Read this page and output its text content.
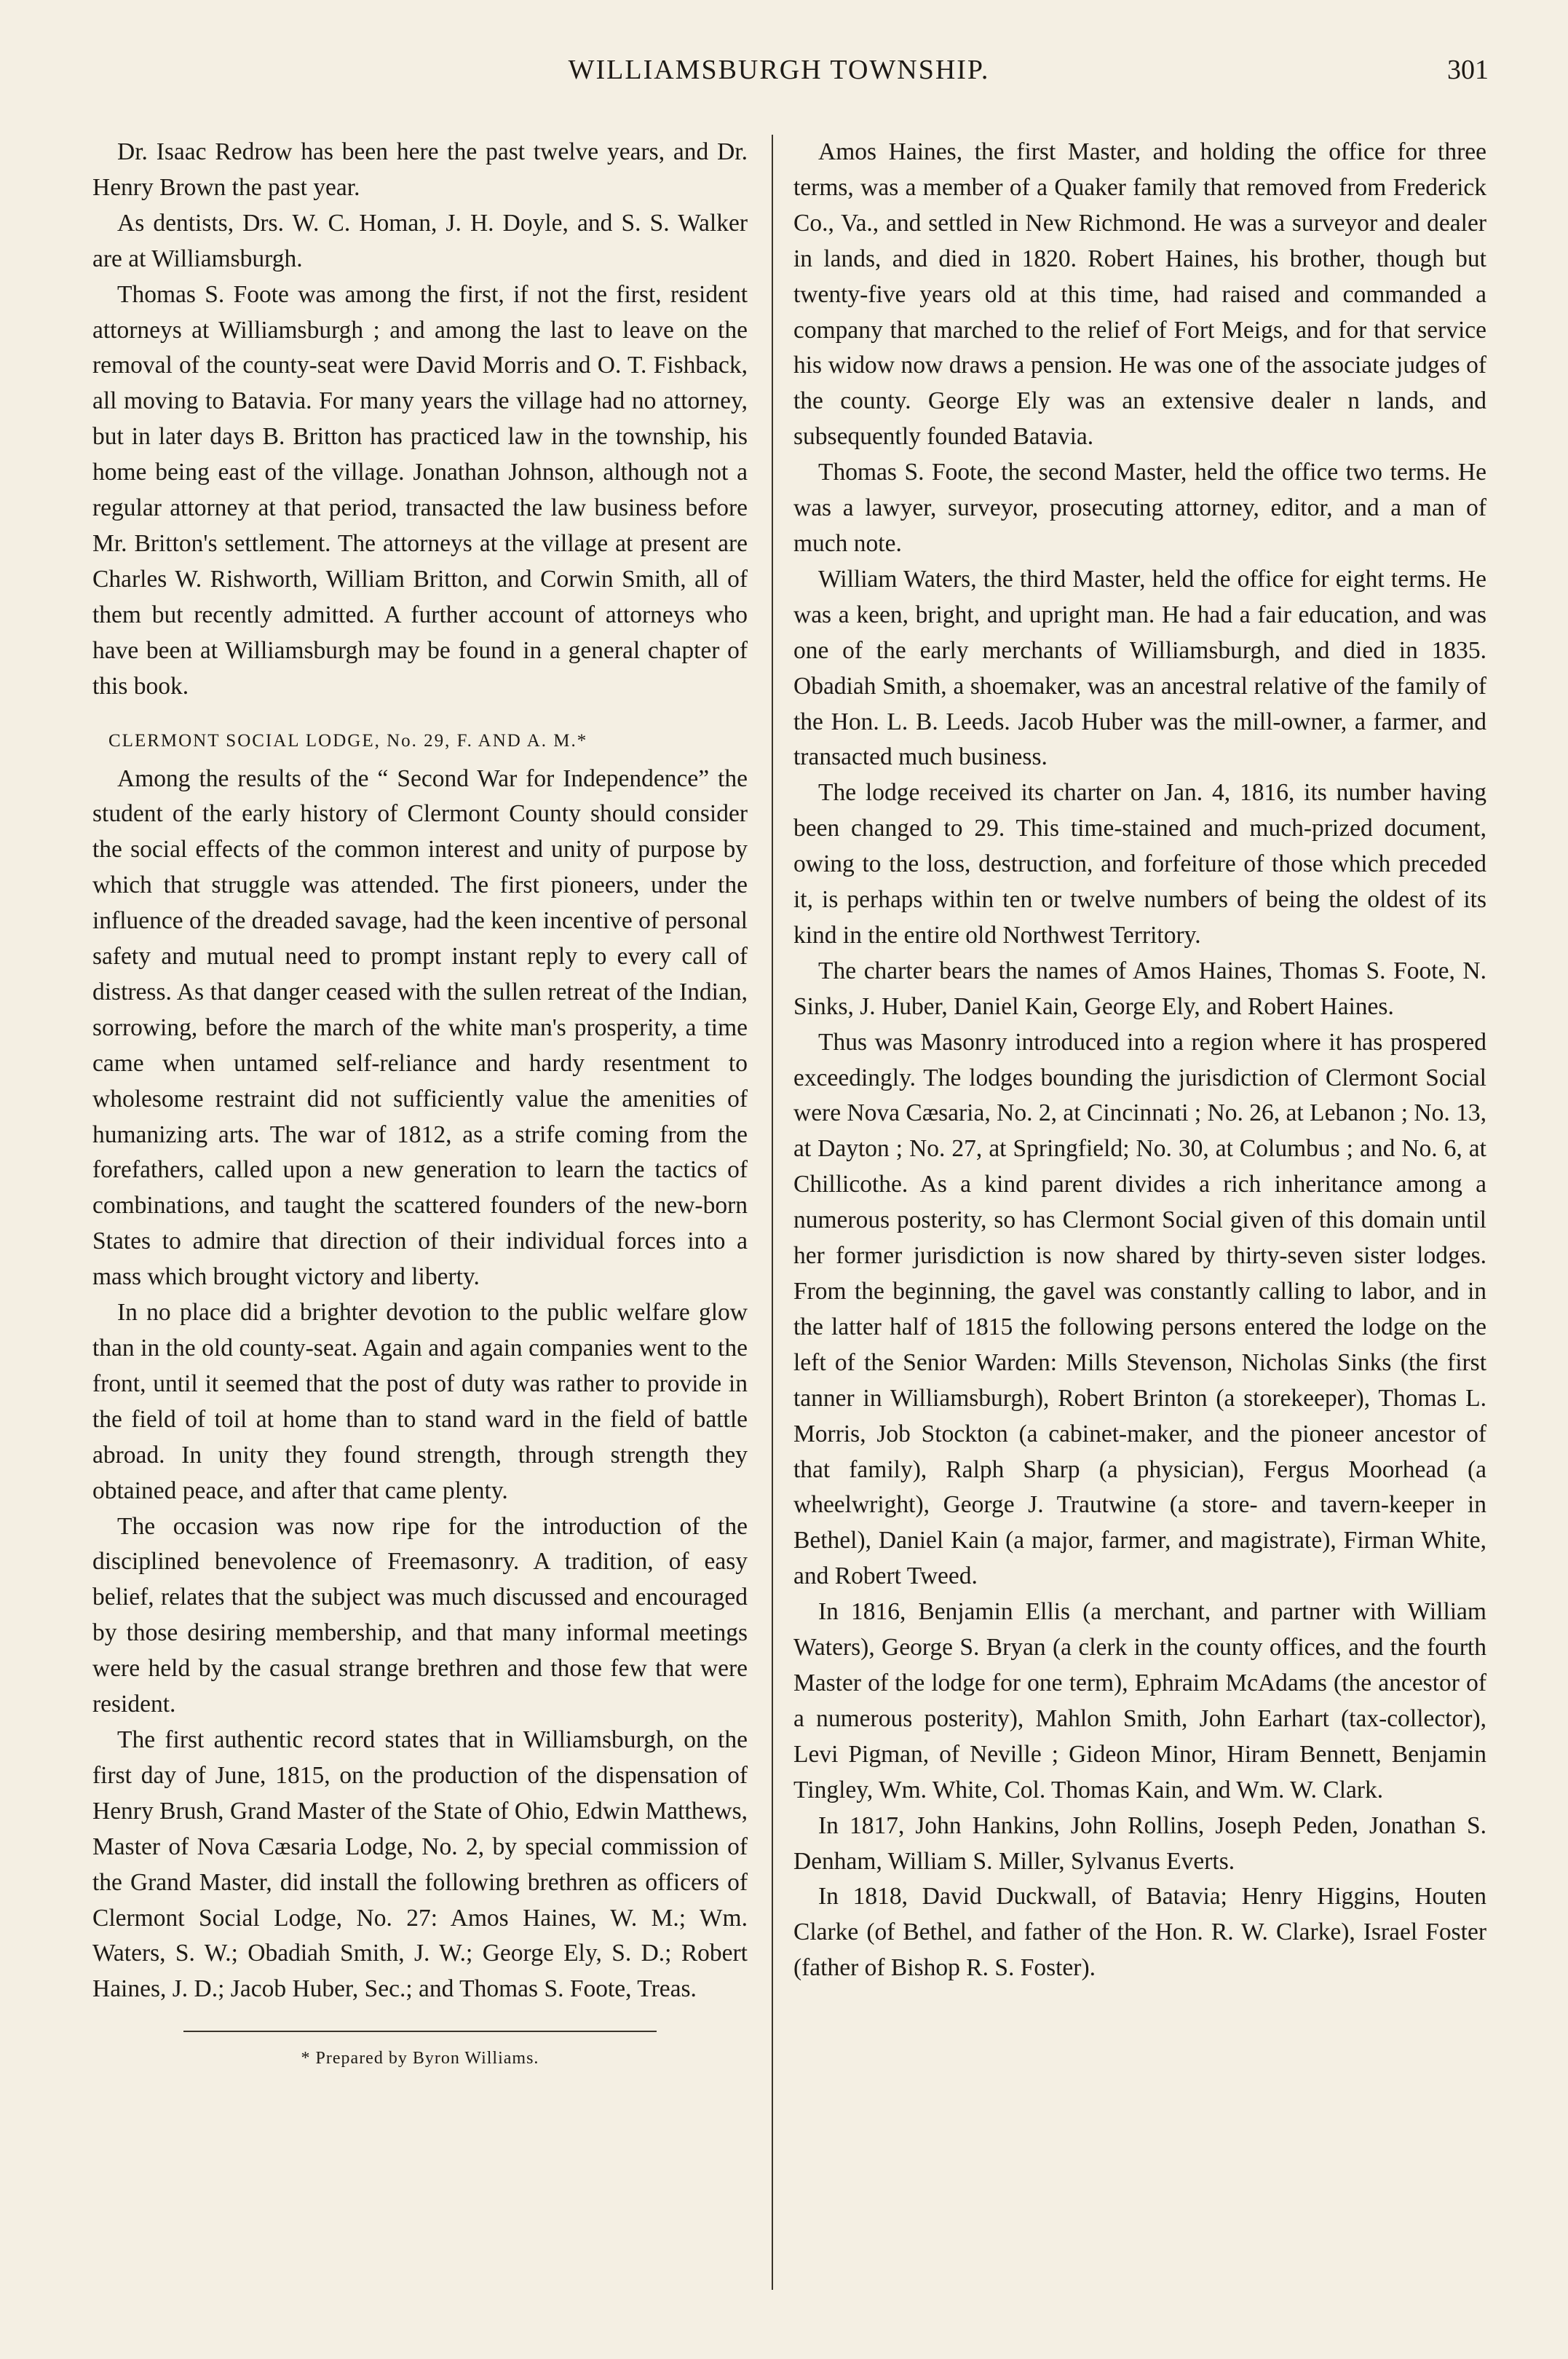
WILLIAMSBURGH TOWNSHIP.	301

Dr. Isaac Redrow has been here the past twelve years, and Dr. Henry Brown the past year.

As dentists, Drs. W. C. Homan, J. H. Doyle, and S. S. Walker are at Williamsburgh.

Thomas S. Foote was among the first, if not the first, resident attorneys at Williamsburgh ; and among the last to leave on the removal of the county-seat were David Morris and O. T. Fishback, all moving to Batavia. For many years the village had no attorney, but in later days B. Britton has practiced law in the township, his home being east of the village. Jonathan Johnson, although not a regular attorney at that period, transacted the law business before Mr. Britton's settlement. The attorneys at the village at present are Charles W. Rishworth, William Britton, and Corwin Smith, all of them but recently admitted. A further account of attorneys who have been at Williamsburgh may be found in a general chapter of this book.

CLERMONT SOCIAL LODGE, No. 29, F. AND A. M.*

Among the results of the “ Second War for Independence” the student of the early history of Clermont County should consider the social effects of the common interest and unity of purpose by which that struggle was attended. The first pioneers, under the influence of the dreaded savage, had the keen incentive of personal safety and mutual need to prompt instant reply to every call of distress. As that danger ceased with the sullen retreat of the Indian, sorrowing, before the march of the white man's prosperity, a time came when untamed self-reliance and hardy resentment to wholesome restraint did not sufficiently value the amenities of humanizing arts. The war of 1812, as a strife coming from the forefathers, called upon a new generation to learn the tactics of combinations, and taught the scattered founders of the new-born States to admire that direction of their individual forces into a mass which brought victory and liberty.

In no place did a brighter devotion to the public welfare glow than in the old county-seat. Again and again companies went to the front, until it seemed that the post of duty was rather to provide in the field of toil at home than to stand ward in the field of battle abroad. In unity they found strength, through strength they obtained peace, and after that came plenty.

The occasion was now ripe for the introduction of the disciplined benevolence of Freemasonry. A tradition, of easy belief, relates that the subject was much discussed and encouraged by those desiring membership, and that many informal meetings were held by the casual strange brethren and those few that were resident.

The first authentic record states that in Williamsburgh, on the first day of June, 1815, on the production of the dispensation of Henry Brush, Grand Master of the State of Ohio, Edwin Matthews, Master of Nova Cæsaria Lodge, No. 2, by special commission of the Grand Master, did install the following brethren as officers of Clermont Social Lodge, No. 27: Amos Haines, W. M.; Wm. Waters, S. W.; Obadiah Smith, J. W.; George Ely, S. D.; Robert Haines, J. D.; Jacob Huber, Sec.; and Thomas S. Foote, Treas.

* Prepared by Byron Williams.

Amos Haines, the first Master, and holding the office for three terms, was a member of a Quaker family that removed from Frederick Co., Va., and settled in New Richmond. He was a surveyor and dealer in lands, and died in 1820. Robert Haines, his brother, though but twenty-five years old at this time, had raised and commanded a company that marched to the relief of Fort Meigs, and for that service his widow now draws a pension. He was one of the associate judges of the county. George Ely was an extensive dealer n lands, and subsequently founded Batavia.

Thomas S. Foote, the second Master, held the office two terms. He was a lawyer, surveyor, prosecuting attorney, editor, and a man of much note.

William Waters, the third Master, held the office for eight terms. He was a keen, bright, and upright man. He had a fair education, and was one of the early merchants of Williamsburgh, and died in 1835. Obadiah Smith, a shoemaker, was an ancestral relative of the family of the Hon. L. B. Leeds. Jacob Huber was the mill-owner, a farmer, and transacted much business.

The lodge received its charter on Jan. 4, 1816, its number having been changed to 29. This time-stained and much-prized document, owing to the loss, destruction, and forfeiture of those which preceded it, is perhaps within ten or twelve numbers of being the oldest of its kind in the entire old Northwest Territory.

The charter bears the names of Amos Haines, Thomas S. Foote, N. Sinks, J. Huber, Daniel Kain, George Ely, and Robert Haines.

Thus was Masonry introduced into a region where it has prospered exceedingly. The lodges bounding the jurisdiction of Clermont Social were Nova Cæsaria, No. 2, at Cincinnati ; No. 26, at Lebanon ; No. 13, at Dayton ; No. 27, at Springfield; No. 30, at Columbus ; and No. 6, at Chillicothe. As a kind parent divides a rich inheritance among a numerous posterity, so has Clermont Social given of this domain until her former jurisdiction is now shared by thirty-seven sister lodges. From the beginning, the gavel was constantly calling to labor, and in the latter half of 1815 the following persons entered the lodge on the left of the Senior Warden: Mills Stevenson, Nicholas Sinks (the first tanner in Williamsburgh), Robert Brinton (a storekeeper), Thomas L. Morris, Job Stockton (a cabinet-maker, and the pioneer ancestor of that family), Ralph Sharp (a physician), Fergus Moorhead (a wheelwright), George J. Trautwine (a store- and tavern-keeper in Bethel), Daniel Kain (a major, farmer, and magistrate), Firman White, and Robert Tweed.

In 1816, Benjamin Ellis (a merchant, and partner with William Waters), George S. Bryan (a clerk in the county offices, and the fourth Master of the lodge for one term), Ephraim McAdams (the ancestor of a numerous posterity), Mahlon Smith, John Earhart (tax-collector), Levi Pigman, of Neville ; Gideon Minor, Hiram Bennett, Benjamin Tingley, Wm. White, Col. Thomas Kain, and Wm. W. Clark.

In 1817, John Hankins, John Rollins, Joseph Peden, Jonathan S. Denham, William S. Miller, Sylvanus Everts.

In 1818, David Duckwall, of Batavia; Henry Higgins, Houten Clarke (of Bethel, and father of the Hon. R. W. Clarke), Israel Foster (father of Bishop R. S. Foster).
